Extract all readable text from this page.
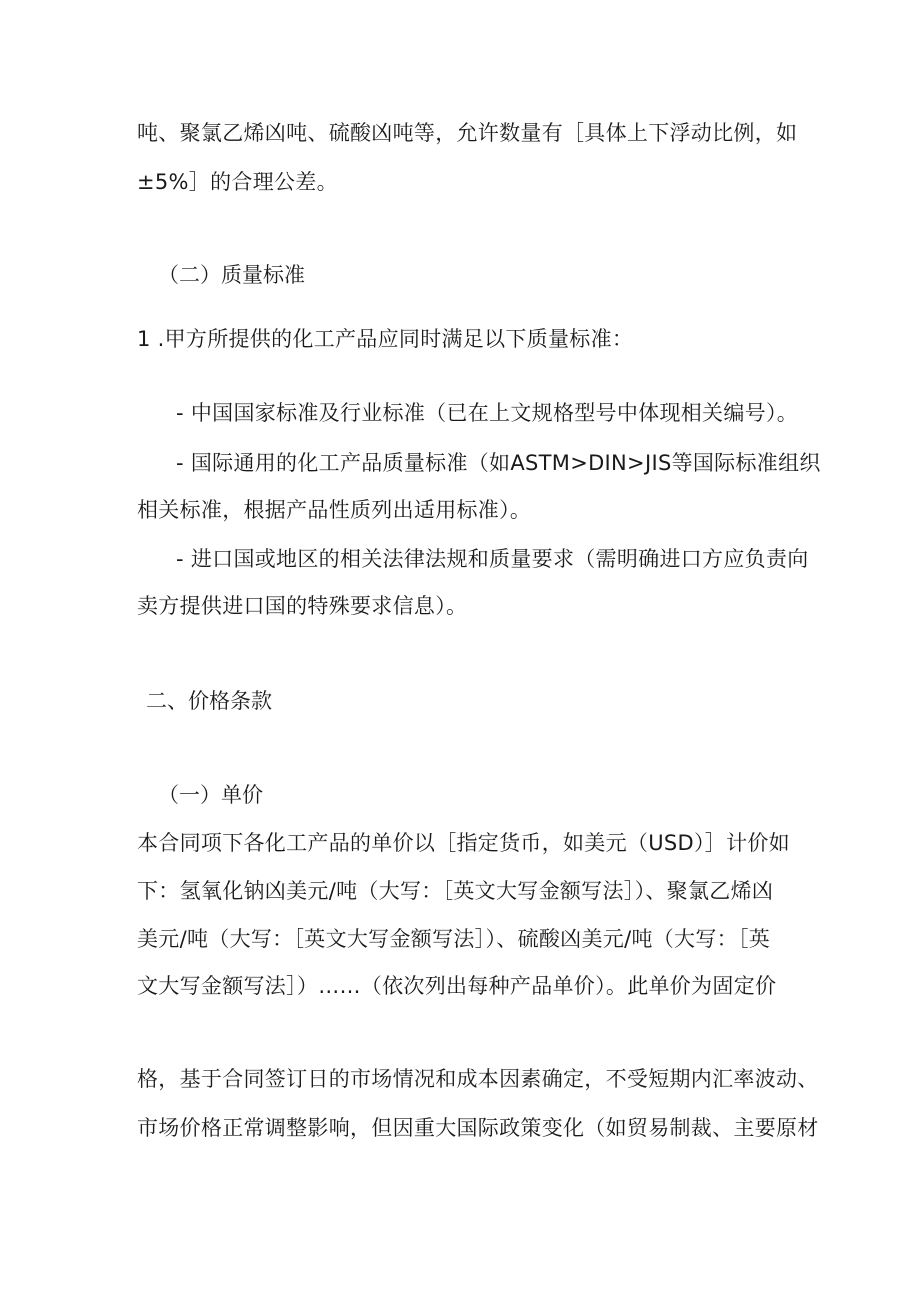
吨、聚氯乙烯凶吨、硫酸凶吨等，允许数量有［具体上下浮动比例，如
±5%］的合理公差。
（二）质量标准
1 .甲方所提供的化工产品应同时满足以下质量标准：
- 中国国家标准及行业标准（已在上文规格型号中体现相关编号）。
- 国际通用的化工产品质量标准（如ASTM>DIN>JIS等国际标准组织
相关标准，根据产品性质列出适用标准）。
- 进口国或地区的相关法律法规和质量要求（需明确进口方应负责向
卖方提供进口国的特殊要求信息）。
二、价格条款
（一）单价
本合同项下各化工产品的单价以［指定货币，如美元（USD）］计价如
下：氢氧化钠凶美元/吨（大写：［英文大写金额写法］）、聚氯乙烯凶
美元/吨（大写：［英文大写金额写法］）、硫酸凶美元/吨（大写：［英
文大写金额写法］）……（依次列出每种产品单价）。此单价为固定价
格，基于合同签订日的市场情况和成本因素确定，不受短期内汇率波动、
市场价格正常调整影响，但因重大国际政策变化（如贸易制裁、主要原材
